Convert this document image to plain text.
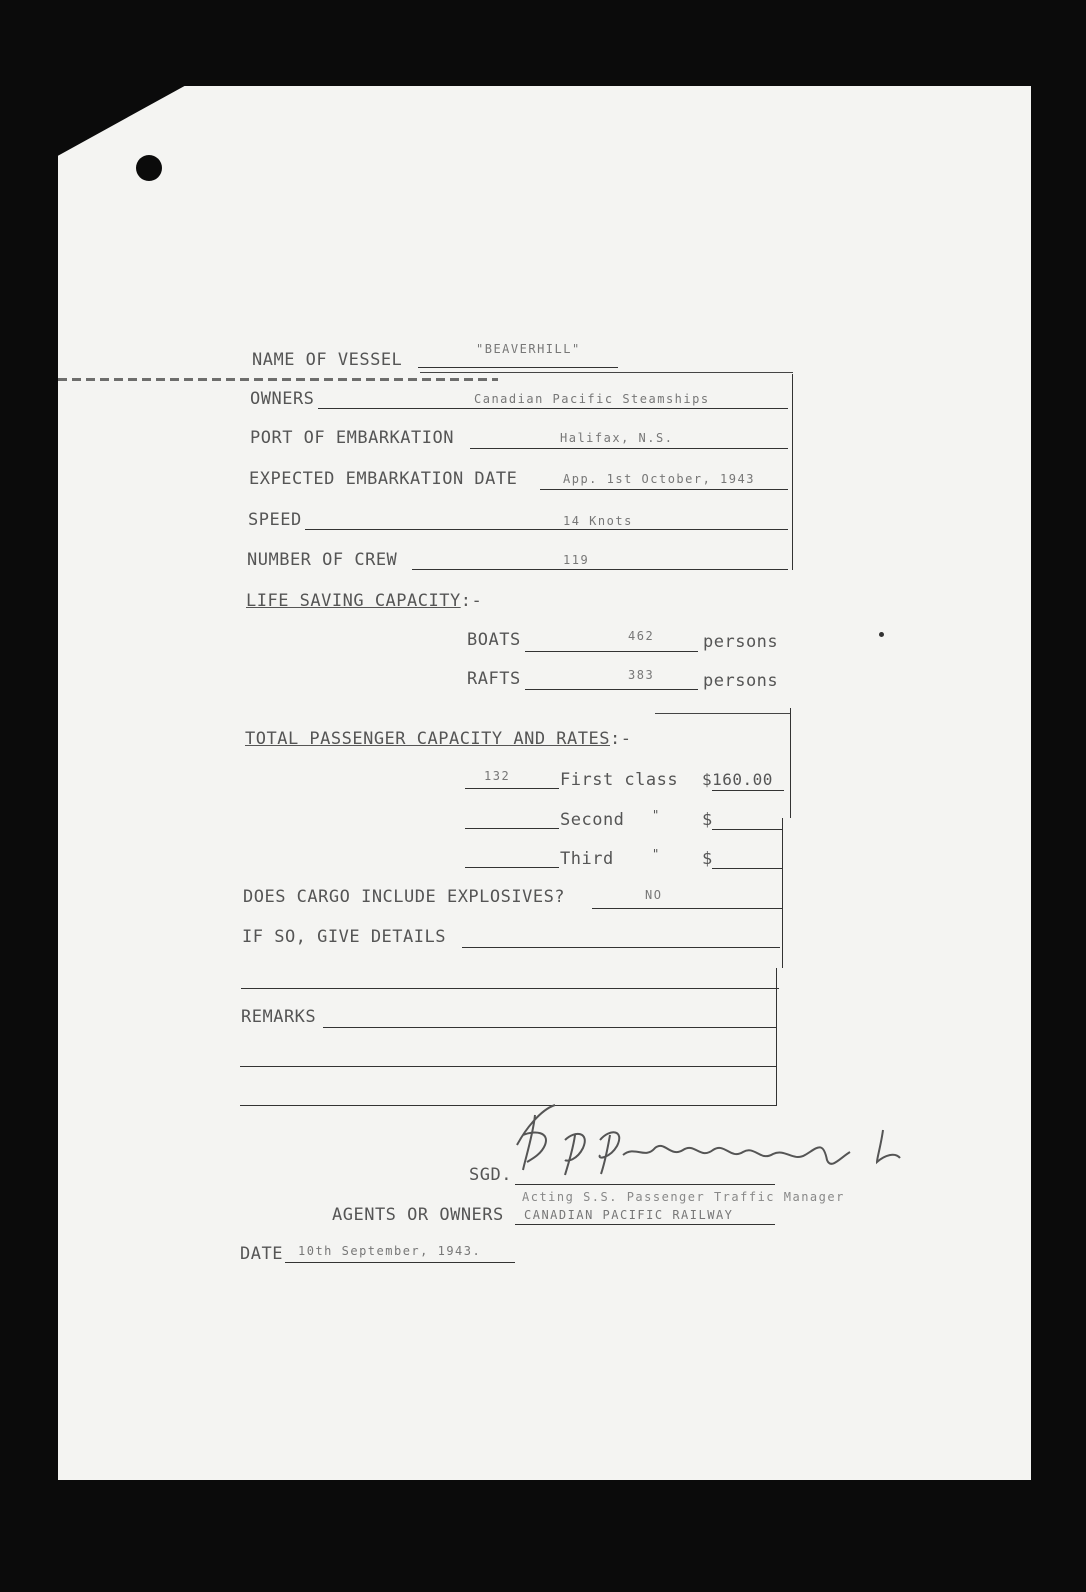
NAME OF VESSEL
"BEAVERHILL"
OWNERS	Canadian Pacific Steamships
PORT OF EMBARKATION	Halifax, N.S.
EXPECTED EMBARKATION DATE	App. 1st October, 1943
SPEED	14 Knots
NUMBER OF CREW	119
LIFE SAVING CAPACITY:-
BOATS	462	persons
RAFTS	383	persons
TOTAL PASSENGER CAPACITY AND RATES:-
132	First class $160.00
Second " $
Third	" $
DOES CARGO INCLUDE EXPLOSIVES?	NO
IF SO, GIVE DETAILS
REMARKS
SGD.
Acting S.S. Passenger Traffic Manager
AGENTS OR OWNERS CANADIAN PACIFIC RAILWAY
DATE 10th September, 1943.
